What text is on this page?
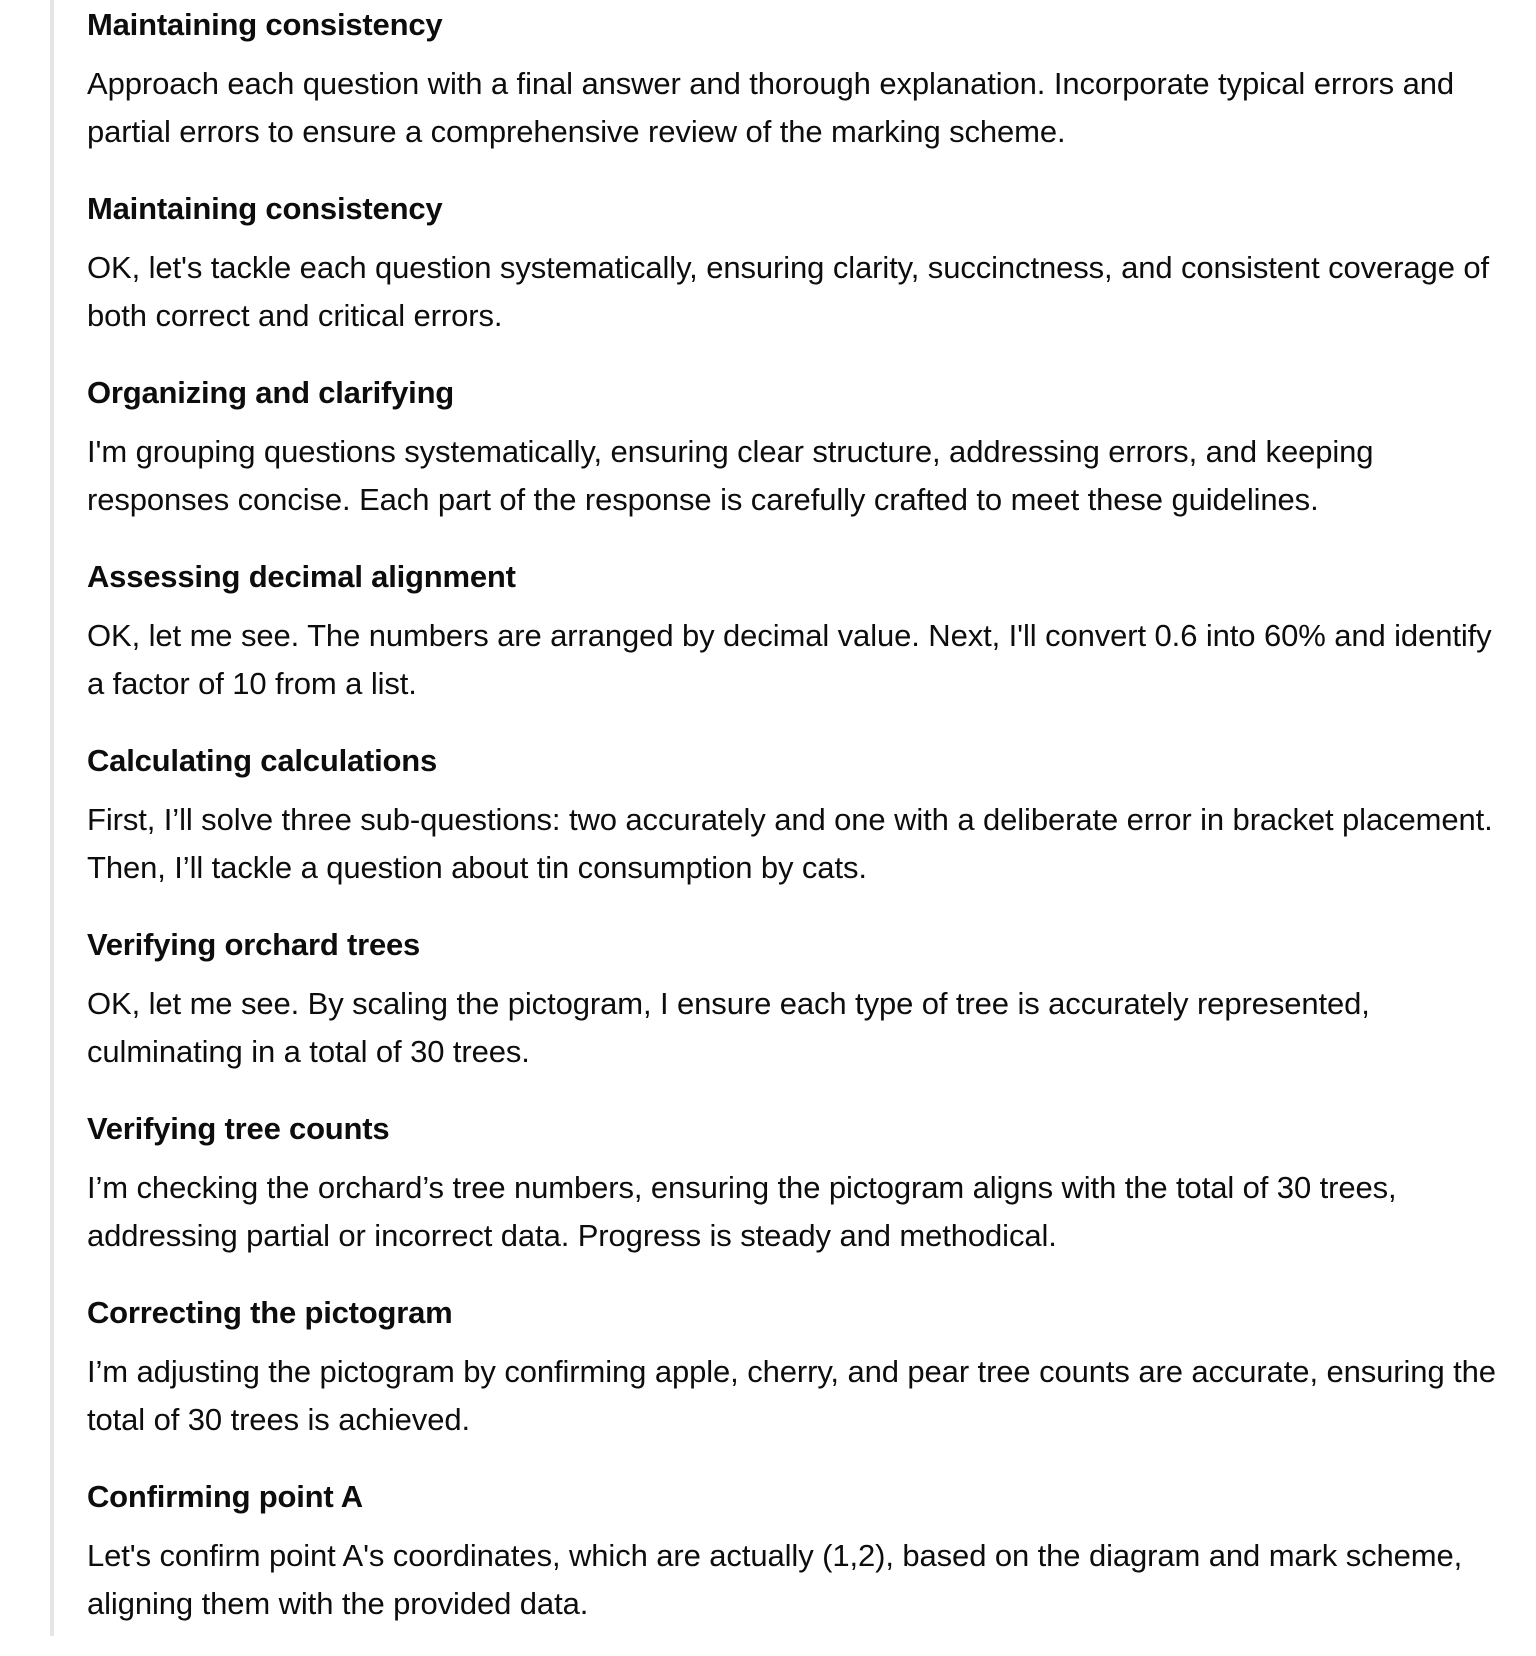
Maintaining consistency

Approach each question with a final answer and thorough explanation. Incorporate typical errors and partial errors to ensure a comprehensive review of the marking scheme.

Maintaining consistency

OK, let's tackle each question systematically, ensuring clarity, succinctness, and consistent coverage of both correct and critical errors.

Organizing and clarifying

I'm grouping questions systematically, ensuring clear structure, addressing errors, and keeping responses concise. Each part of the response is carefully crafted to meet these guidelines.

Assessing decimal alignment

OK, let me see. The numbers are arranged by decimal value. Next, I'll convert 0.6 into 60% and identify a factor of 10 from a list.

Calculating calculations

First, I’ll solve three sub-questions: two accurately and one with a deliberate error in bracket placement. Then, I’ll tackle a question about tin consumption by cats.

Verifying orchard trees

OK, let me see. By scaling the pictogram, I ensure each type of tree is accurately represented, culminating in a total of 30 trees.

Verifying tree counts

I’m checking the orchard’s tree numbers, ensuring the pictogram aligns with the total of 30 trees, addressing partial or incorrect data. Progress is steady and methodical.

Correcting the pictogram

I’m adjusting the pictogram by confirming apple, cherry, and pear tree counts are accurate, ensuring the total of 30 trees is achieved.

Confirming point A

Let's confirm point A's coordinates, which are actually (1,2), based on the diagram and mark scheme, aligning them with the provided data.
